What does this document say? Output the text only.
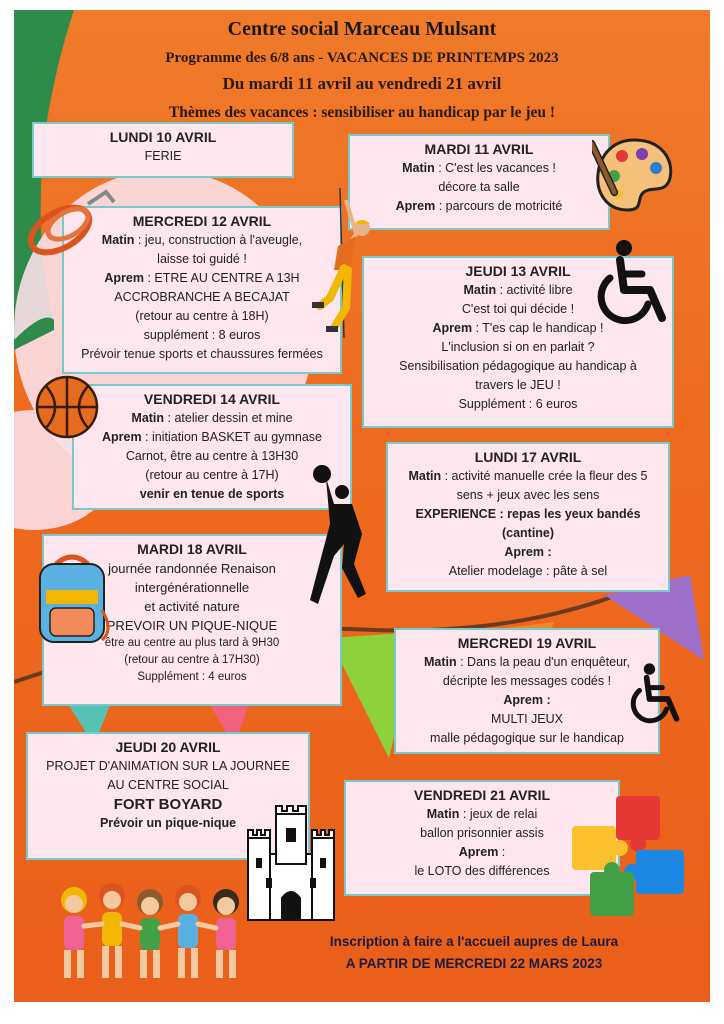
Centre social Marceau Mulsant
Programme des 6/8 ans - VACANCES DE PRINTEMPS 2023
Du mardi 11 avril au vendredi 21 avril
Thèmes des vacances : sensibiliser au handicap par le jeu !
LUNDI 10 AVRIL
FERIE	MARDI 11 AVRIL
Matin : C'est les vacances !
décore ta salle
Aprem : parcours de motricité
MERCREDI 12 AVRIL
Matin : jeu, construction à l'aveugle,
laisse toi guidé !
Aprem : ETRE AU CENTRE A 13H
ACCROBRANCHE A BECAJAT
(retour au centre à 18H)
supplément : 8 euros
Prévoir tenue sports et chaussures fermées
JEUDI 13 AVRIL
Matin : activité libre
C'est toi qui décide !
Aprem : T'es cap le handicap !
L'inclusion si on en parlait ?
Sensibilisation pédagogique au handicap à
travers le JEU !
Supplément : 6 euros
VENDREDI 14 AVRIL
Matin : atelier dessin et mine
Aprem : initiation BASKET au gymnase
Carnot, être au centre à 13H30
(retour au centre à 17H)
venir en tenue de sports
LUNDI 17 AVRIL
Matin : activité manuelle crée la fleur des 5
sens + jeux avec les sens
EXPERIENCE : repas les yeux bandés
(cantine)
Aprem :
Atelier modelage : pâte à sel
MARDI 18 AVRIL
journée randonnée Renaison
intergénérationnelle
et activité nature
PREVOIR UN PIQUE-NIQUE
être au centre au plus tard à 9H30
(retour au centre à 17H30)
Supplément : 4 euros
MERCREDI 19 AVRIL
Matin : Dans la peau d'un enquêteur,
décripte les messages codés !
Aprem :
MULTI JEUX
malle pédagogique sur le handicap
JEUDI 20 AVRIL
PROJET D'ANIMATION SUR LA JOURNEE
AU CENTRE SOCIAL
FORT BOYARD
Prévoir un pique-nique
VENDREDI 21 AVRIL
Matin : jeux de relai
ballon prisonnier assis
Aprem :
le LOTO des différences
Inscription à faire a l'accueil aupres de Laura
A PARTIR DE MERCREDI 22 MARS 2023
